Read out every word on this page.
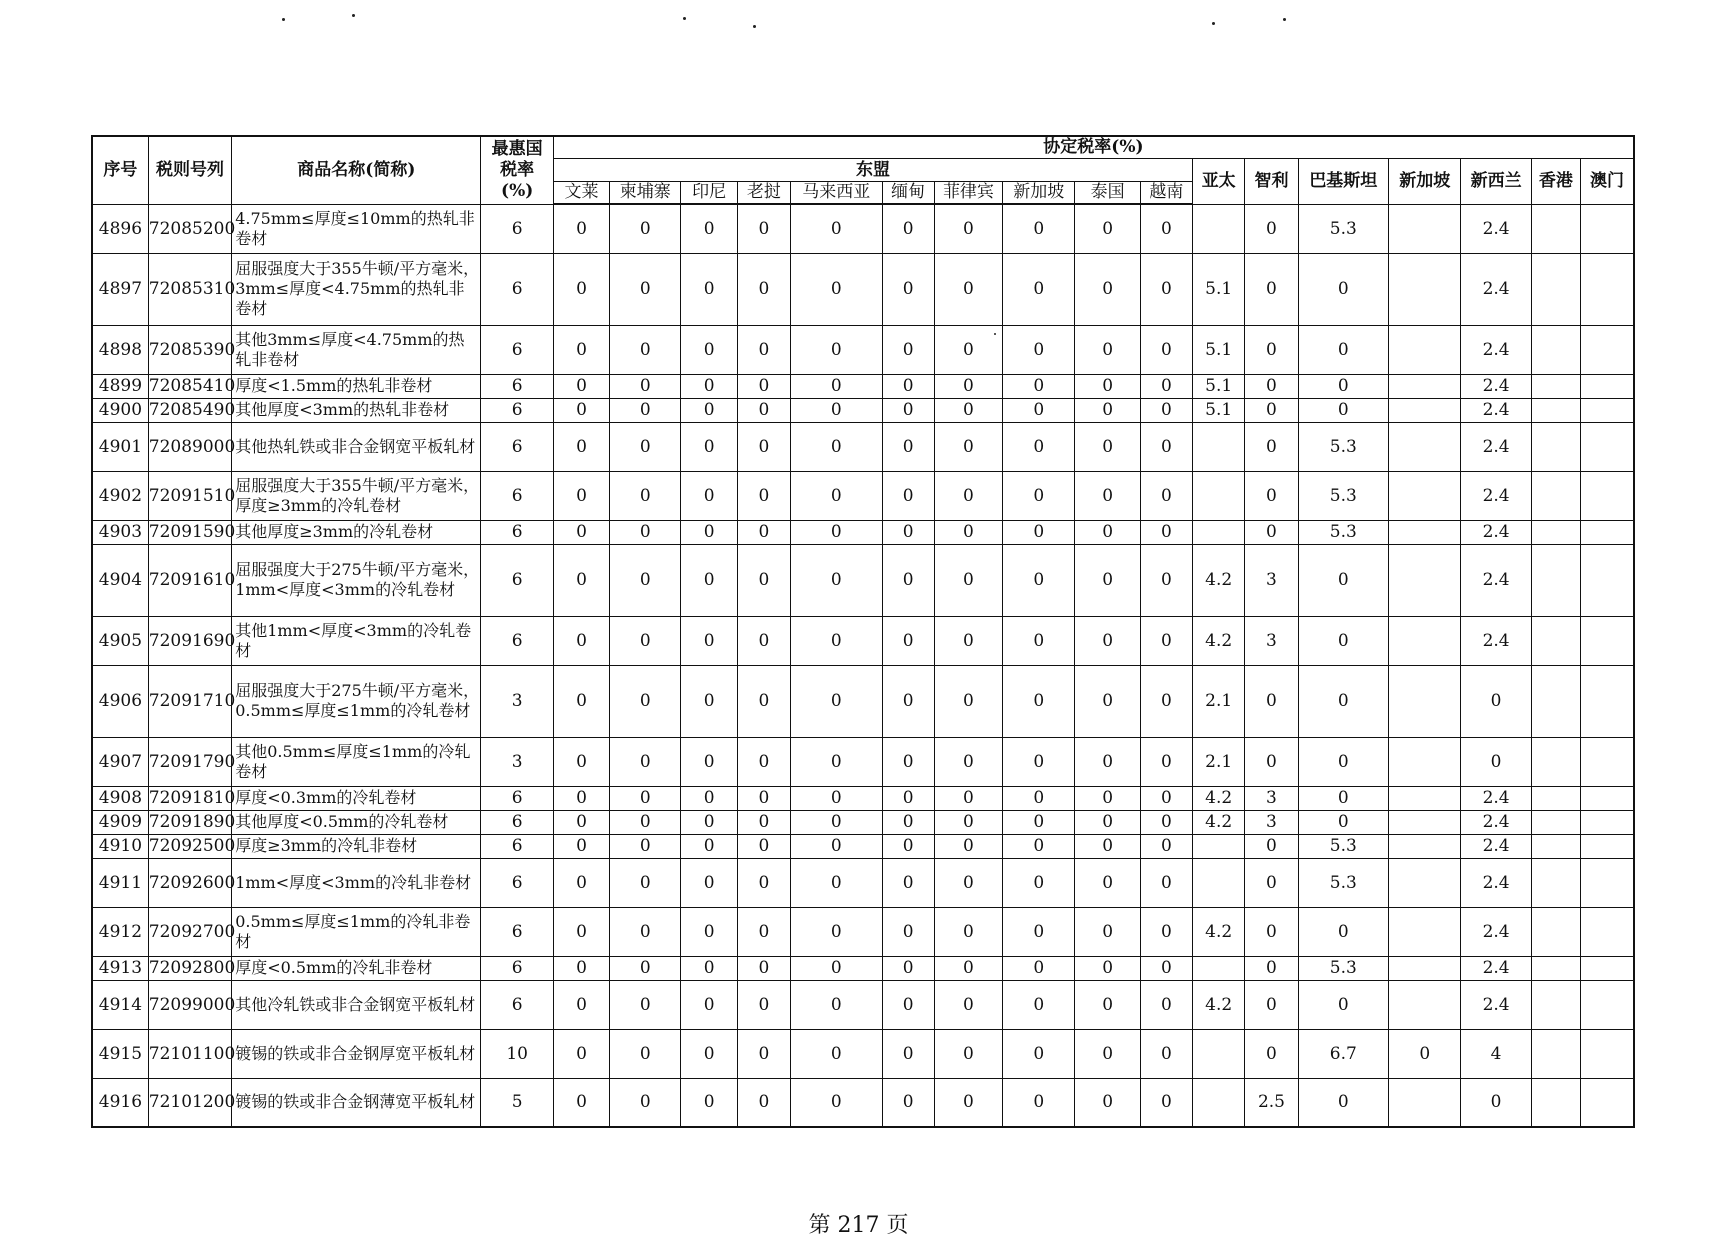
序号	税则号列	商品名称(简称)	最惠国税率(%)	协定税率(%)																
				东盟										亚太	智利	巴基斯坦	新加坡	新西兰	香港	澳门
				文莱	柬埔寨	印尼	老挝	马来西亚	缅甸	菲律宾	新加坡	泰国	越南							
4896	72085200	4.75mm≤厚度≤10mm的热轧非卷材	6	0	0	0	0	0	0	0	0	0	0		0	5.3		2.4		
4897	72085310	屈服强度大于355牛顿/平方毫米，3mm≤厚度<4.75mm的热轧非卷材	6	0	0	0	0	0	0	0	0	0	0	5.1	0	0		2.4		
4898	72085390	其他3mm≤厚度<4.75mm的热轧非卷材	6	0	0	0	0	0	0	0	0	0	0	5.1	0	0		2.4		
4899	72085410	厚度<1.5mm的热轧非卷材	6	0	0	0	0	0	0	0	0	0	0	5.1	0	0		2.4		
4900	72085490	其他厚度<3mm的热轧非卷材	6	0	0	0	0	0	0	0	0	0	0	5.1	0	0		2.4		
4901	72089000	其他热轧铁或非合金钢宽平板轧材	6	0	0	0	0	0	0	0	0	0	0		0	5.3		2.4		
4902	72091510	屈服强度大于355牛顿/平方毫米，厚度≥3mm的冷轧卷材	6	0	0	0	0	0	0	0	0	0	0		0	5.3		2.4		
4903	72091590	其他厚度≥3mm的冷轧卷材	6	0	0	0	0	0	0	0	0	0	0		0	5.3		2.4		
4904	72091610	屈服强度大于275牛顿/平方毫米，1mm<厚度<3mm的冷轧卷材	6	0	0	0	0	0	0	0	0	0	0	4.2	3	0		2.4		
4905	72091690	其他1mm<厚度<3mm的冷轧卷材	6	0	0	0	0	0	0	0	0	0	0	4.2	3	0		2.4		
4906	72091710	屈服强度大于275牛顿/平方毫米，0.5mm≤厚度≤1mm的冷轧卷材	3	0	0	0	0	0	0	0	0	0	0	2.1	0	0		0		
4907	72091790	其他0.5mm≤厚度≤1mm的冷轧卷材	3	0	0	0	0	0	0	0	0	0	0	2.1	0	0		0		
4908	72091810	厚度<0.3mm的冷轧卷材	6	0	0	0	0	0	0	0	0	0	0	4.2	3	0		2.4		
4909	72091890	其他厚度<0.5mm的冷轧卷材	6	0	0	0	0	0	0	0	0	0	0	4.2	3	0		2.4		
4910	72092500	厚度≥3mm的冷轧非卷材	6	0	0	0	0	0	0	0	0	0	0		0	5.3		2.4		
4911	72092600	1mm<厚度<3mm的冷轧非卷材	6	0	0	0	0	0	0	0	0	0	0		0	5.3		2.4		
4912	72092700	0.5mm≤厚度≤1mm的冷轧非卷材	6	0	0	0	0	0	0	0	0	0	0	4.2	0	0		2.4		
4913	72092800	厚度<0.5mm的冷轧非卷材	6	0	0	0	0	0	0	0	0	0	0		0	5.3		2.4		
4914	72099000	其他冷轧铁或非合金钢宽平板轧材	6	0	0	0	0	0	0	0	0	0	0	4.2	0	0		2.4		
4915	72101100	镀锡的铁或非合金钢厚宽平板轧材	10	0	0	0	0	0	0	0	0	0	0		0	6.7	0	4		
4916	72101200	镀锡的铁或非合金钢薄宽平板轧材	5	0	0	0	0	0	0	0	0	0	0		2.5	0		0		
第 217 页
